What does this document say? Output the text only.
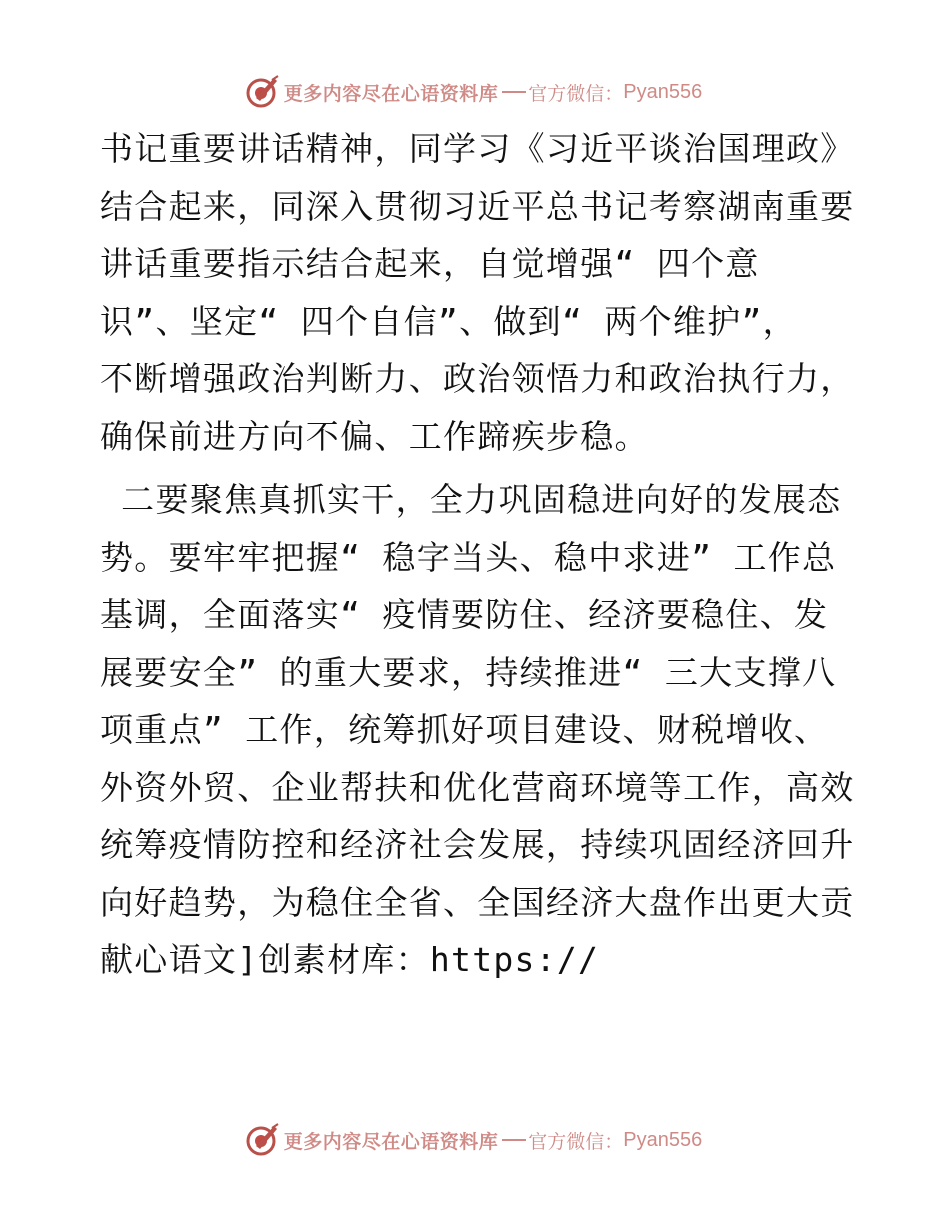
更多内容尽在心语资料库 官方微信： Pyan556
书记重要讲话精神，同学习《习近平谈治国理政》
结合起来，同深入贯彻习近平总书记考察湖南重要
讲话重要指示结合起来，自觉增强“ 四个意
识”、坚定“ 四个自信”、做到“ 两个维护”，
不断增强政治判断力、政治领悟力和政治执行力，
确保前进方向不偏、工作蹄疾步稳。
二要聚焦真抓实干，全力巩固稳进向好的发展态
势。要牢牢把握“ 稳字当头、稳中求进” 工作总
基调，全面落实“ 疫情要防住、经济要稳住、发
展要安全” 的重大要求，持续推进“ 三大支撑八
项重点” 工作，统筹抓好项目建设、财税增收、
外资外贸、企业帮扶和优化营商环境等工作，高效
统筹疫情防控和经济社会发展，持续巩固经济回升
向好趋势，为稳住全省、全国经济大盘作出更大贡
献心语文]创素材库：https://
更多内容尽在心语资料库 官方微信： Pyan556
